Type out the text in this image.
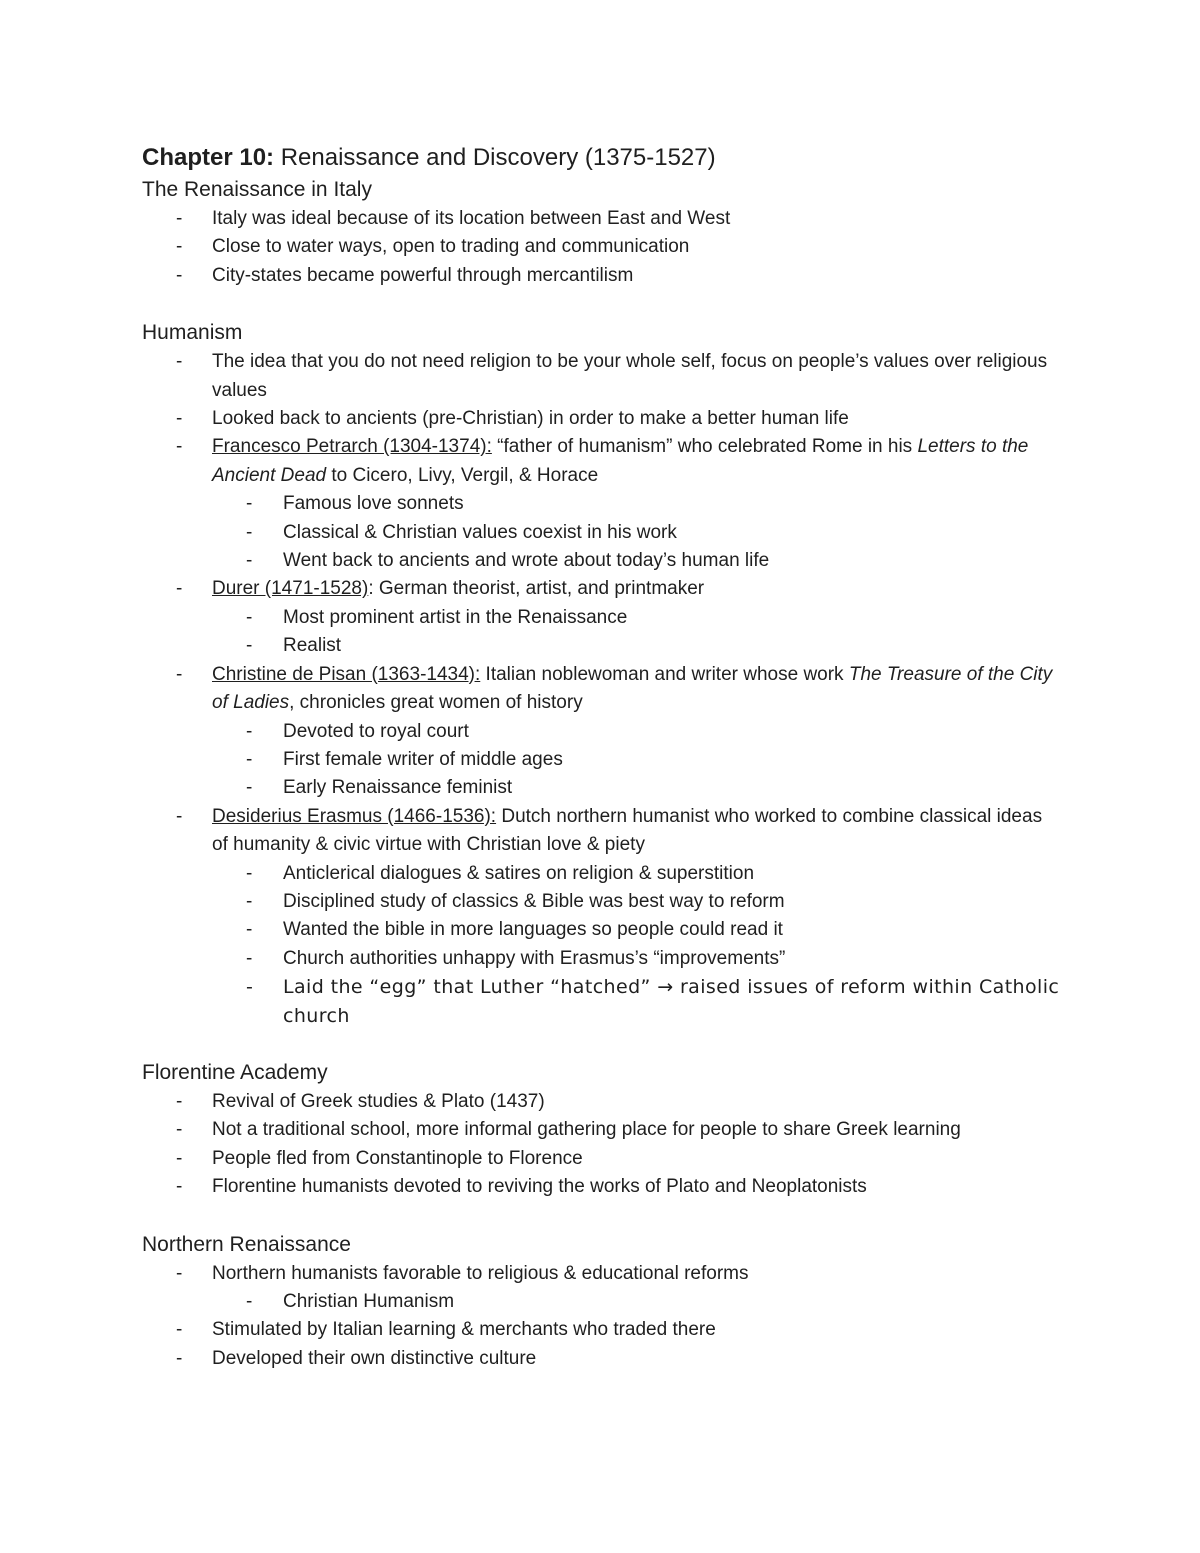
Chapter 10: Renaissance and Discovery (1375-1527)
The Renaissance in Italy
- Italy was ideal because of its location between East and West
- Close to water ways, open to trading and communication
- City-states became powerful through mercantilism
Humanism
- The idea that you do not need religion to be your whole self, focus on people’s values over religious values
- Looked back to ancients (pre-Christian) in order to make a better human life
- Francesco Petrarch (1304-1374): “father of humanism” who celebrated Rome in his Letters to the Ancient Dead to Cicero, Livy, Vergil, & Horace
- Famous love sonnets
- Classical & Christian values coexist in his work
- Went back to ancients and wrote about today’s human life
- Durer (1471-1528): German theorist, artist, and printmaker
- Most prominent artist in the Renaissance
- Realist
- Christine de Pisan (1363-1434): Italian noblewoman and writer whose work The Treasure of the City of Ladies, chronicles great women of history
- Devoted to royal court
- First female writer of middle ages
- Early Renaissance feminist
- Desiderius Erasmus (1466-1536): Dutch northern humanist who worked to combine classical ideas of humanity & civic virtue with Christian love & piety
- Anticlerical dialogues & satires on religion & superstition
- Disciplined study of classics & Bible was best way to reform
- Wanted the bible in more languages so people could read it
- Church authorities unhappy with Erasmus’s “improvements”
- Laid the “egg” that Luther “hatched” → raised issues of reform within Catholic church
Florentine Academy
- Revival of Greek studies & Plato (1437)
- Not a traditional school, more informal gathering place for people to share Greek learning
- People fled from Constantinople to Florence
- Florentine humanists devoted to reviving the works of Plato and Neoplatonists
Northern Renaissance
- Northern humanists favorable to religious & educational reforms
- Christian Humanism
- Stimulated by Italian learning & merchants who traded there
- Developed their own distinctive culture
